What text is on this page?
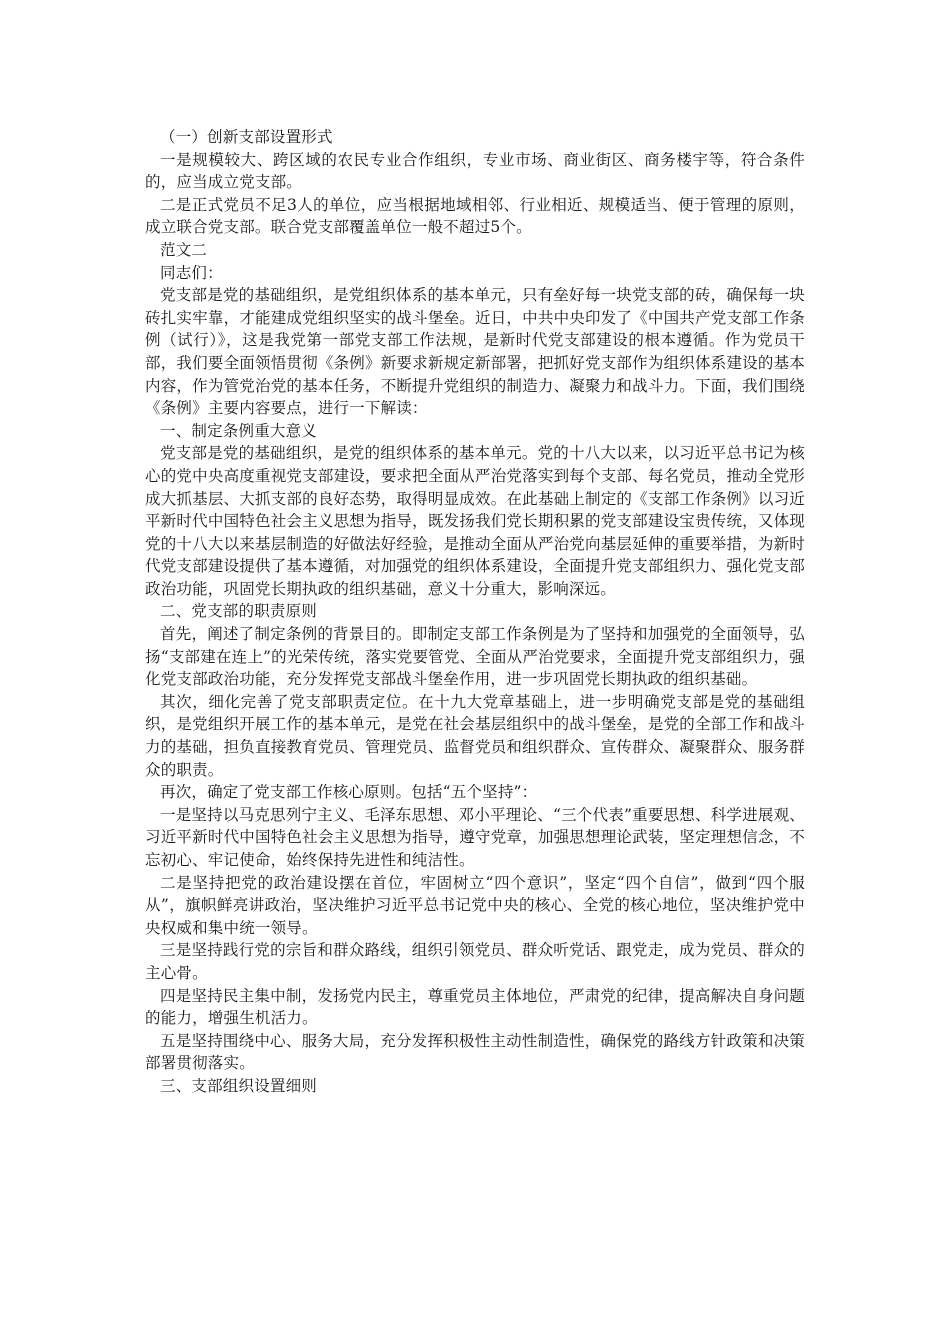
（一）创新支部设置形式

一是规模较大、跨区域的农民专业合作组织，专业市场、商业街区、商务楼宇等，符合条件的，应当成立党支部。

二是正式党员不足3人的单位，应当根据地域相邻、行业相近、规模适当、便于管理的原则，成立联合党支部。联合党支部覆盖单位一般不超过5个。

范文二

同志们：

党支部是党的基础组织，是党组织体系的基本单元，只有垒好每一块党支部的砖，确保每一块砖扎实牢靠，才能建成党组织坚实的战斗堡垒。近日，中共中央印发了《中国共产党支部工作条例（试行）》，这是我党第一部党支部工作法规，是新时代党支部建设的根本遵循。作为党员干部，我们要全面领悟贯彻《条例》新要求新规定新部署，把抓好党支部作为组织体系建设的基本内容，作为管党治党的基本任务，不断提升党组织的制造力、凝聚力和战斗力。下面，我们围绕《条例》主要内容要点，进行一下解读：

一、制定条例重大意义

党支部是党的基础组织，是党的组织体系的基本单元。党的十八大以来，以习近平总书记为核心的党中央高度重视党支部建设，要求把全面从严治党落实到每个支部、每名党员，推动全党形成大抓基层、大抓支部的良好态势，取得明显成效。在此基础上制定的《支部工作条例》以习近平新时代中国特色社会主义思想为指导，既发扬我们党长期积累的党支部建设宝贵传统，又体现党的十八大以来基层制造的好做法好经验，是推动全面从严治党向基层延伸的重要举措，为新时代党支部建设提供了基本遵循，对加强党的组织体系建设，全面提升党支部组织力、强化党支部政治功能，巩固党长期执政的组织基础，意义十分重大，影响深远。

二、党支部的职责原则

首先，阐述了制定条例的背景目的。即制定支部工作条例是为了坚持和加强党的全面领导，弘扬“支部建在连上”的光荣传统，落实党要管党、全面从严治党要求，全面提升党支部组织力，强化党支部政治功能，充分发挥党支部战斗堡垒作用，进一步巩固党长期执政的组织基础。

其次，细化完善了党支部职责定位。在十九大党章基础上，进一步明确党支部是党的基础组织，是党组织开展工作的基本单元，是党在社会基层组织中的战斗堡垒，是党的全部工作和战斗力的基础，担负直接教育党员、管理党员、监督党员和组织群众、宣传群众、凝聚群众、服务群众的职责。

再次，确定了党支部工作核心原则。包括“五个坚持”：

一是坚持以马克思列宁主义、毛泽东思想、邓小平理论、“三个代表”重要思想、科学进展观、习近平新时代中国特色社会主义思想为指导，遵守党章，加强思想理论武装，坚定理想信念，不忘初心、牢记使命，始终保持先进性和纯洁性。

二是坚持把党的政治建设摆在首位，牢固树立“四个意识”，坚定“四个自信”，做到“四个服从”，旗帜鲜亮讲政治，坚决维护习近平总书记党中央的核心、全党的核心地位，坚决维护党中央权威和集中统一领导。

三是坚持践行党的宗旨和群众路线，组织引领党员、群众听党话、跟党走，成为党员、群众的主心骨。

四是坚持民主集中制，发扬党内民主，尊重党员主体地位，严肃党的纪律，提高解决自身问题的能力，增强生机活力。

五是坚持围绕中心、服务大局，充分发挥积极性主动性制造性，确保党的路线方针政策和决策部署贯彻落实。

三、支部组织设置细则
